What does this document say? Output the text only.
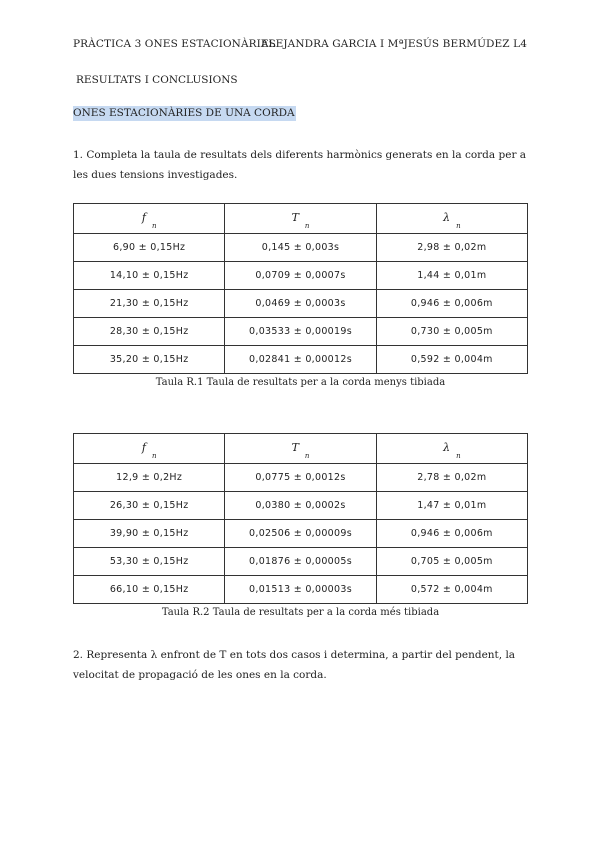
PRÀCTICA 3 ONES ESTACIONÀRIES
ALEJANDRA GARCIA I MªJESÚS BERMÚDEZ L4
RESULTATS I CONCLUSIONS
ONES ESTACIONÀRIES DE UNA CORDA
1. Completa la taula de resultats dels diferents harmònics generats en la corda per a les dues tensions investigades.
$f_n$	$T_n$	$\lambda_n$
6,90 ± 0,15Hz	0,145 ± 0,003s	2,98 ± 0,02m
14,10 ± 0,15Hz	0,0709 ± 0,0007s	1,44 ± 0,01m
21,30 ± 0,15Hz	0,0469 ± 0,0003s	0,946 ± 0,006m
28,30 ± 0,15Hz	0,03533 ± 0,00019s	0,730 ± 0,005m
35,20 ± 0,15Hz	0,02841 ± 0,00012s	0,592 ± 0,004m
Taula R.1 Taula de resultats per a la corda menys tibiada
$f_n$	$T_n$	$\lambda_n$
12,9 ± 0,2Hz	0,0775 ± 0,0012s	2,78 ± 0,02m
26,30 ± 0,15Hz	0,0380 ± 0,0002s	1,47 ± 0,01m
39,90 ± 0,15Hz	0,02506 ± 0,00009s	0,946 ± 0,006m
53,30 ± 0,15Hz	0,01876 ± 0,00005s	0,705 ± 0,005m
66,10 ± 0,15Hz	0,01513 ± 0,00003s	0,572 ± 0,004m
Taula R.2 Taula de resultats per a la corda més tibiada
2. Representa λ enfront de T en tots dos casos i determina, a partir del pendent, la velocitat de propagació de les ones en la corda.
